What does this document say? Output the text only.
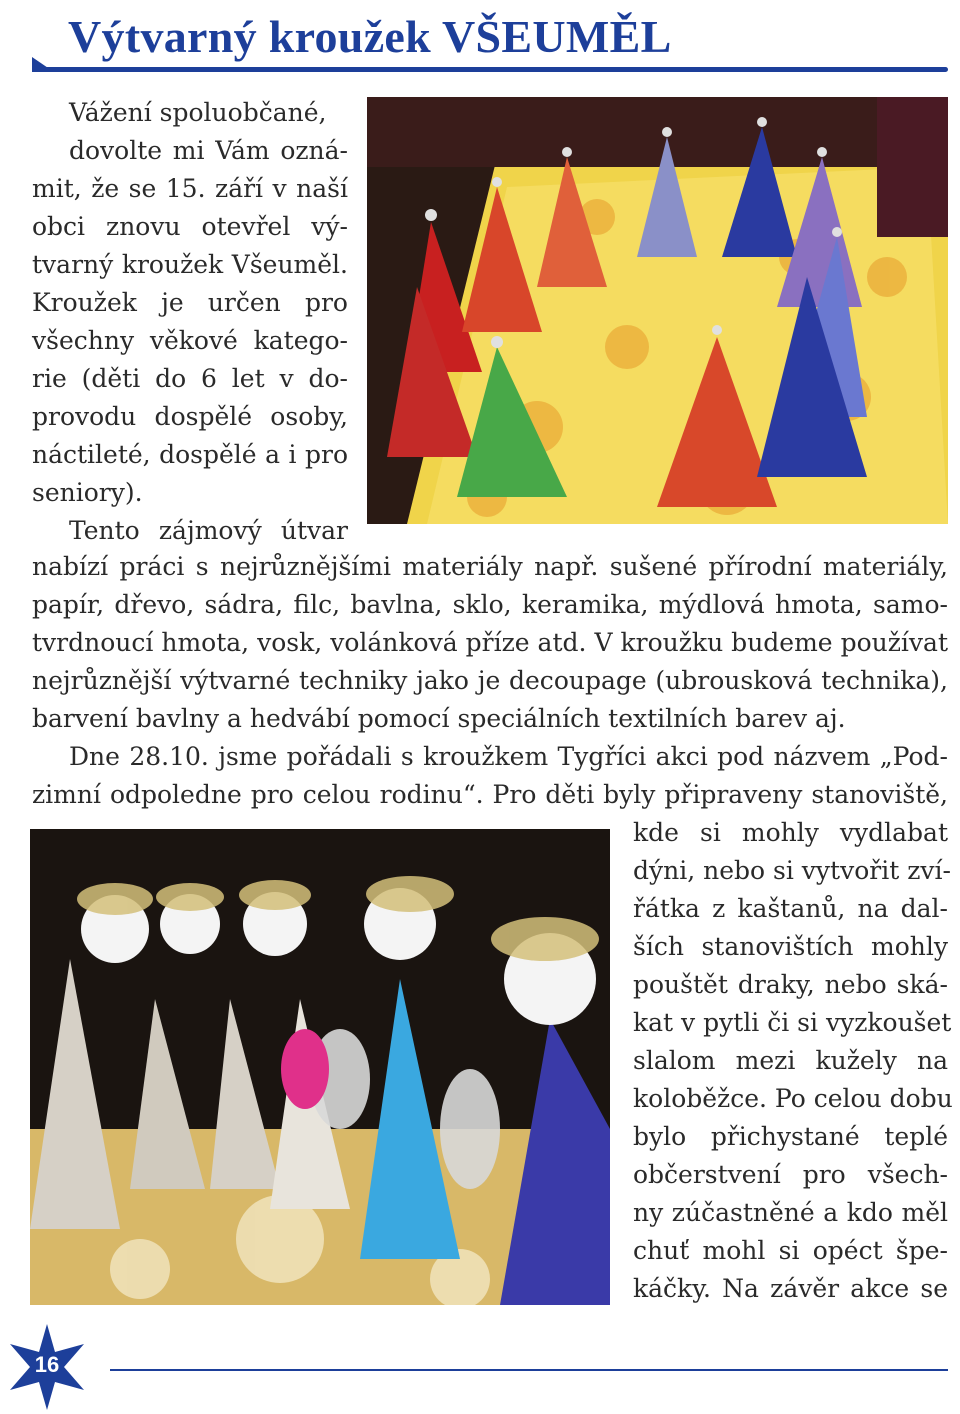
Výtvarný kroužek VŠEUMĚL
Vážení spoluobčané,
dovolte mi Vám ozná-
mit, že se 15. září v naší
obci znovu otevřel vý-
tvarný kroužek Všeuměl.
Kroužek je určen pro
všechny věkové katego-
rie (děti do 6 let v do-
provodu dospělé osoby,
náctileté, dospělé a i pro
seniory).
Tento zájmový útvar
nabízí práci s nejrůznějšími materiály např. sušené přírodní materiály,
papír, dřevo, sádra, filc, bavlna, sklo, keramika, mýdlová hmota, samo-
tvrdnoucí hmota, vosk, volánková příze atd. V kroužku budeme používat
nejrůznější výtvarné techniky jako je decoupage (ubrousková technika),
barvení bavlny a hedvábí pomocí speciálních textilních barev aj.
Dne 28.10. jsme pořádali s kroužkem Tygříci akci pod názvem „Pod-
zimní odpoledne pro celou rodinu“. Pro děti byly připraveny stanoviště,
kde si mohly vydlabat
dýni, nebo si vytvořit zví-
řátka z kaštanů, na dal-
ších stanovištích mohly
pouštět draky, nebo ská-
kat v pytli či si vyzkoušet
slalom mezi kužely na
koloběžce. Po celou dobu
bylo přichystané teplé
občerstvení pro všech-
ny zúčastněné a kdo měl
chuť mohl si opéct špe-
káčky. Na závěr akce se
16
